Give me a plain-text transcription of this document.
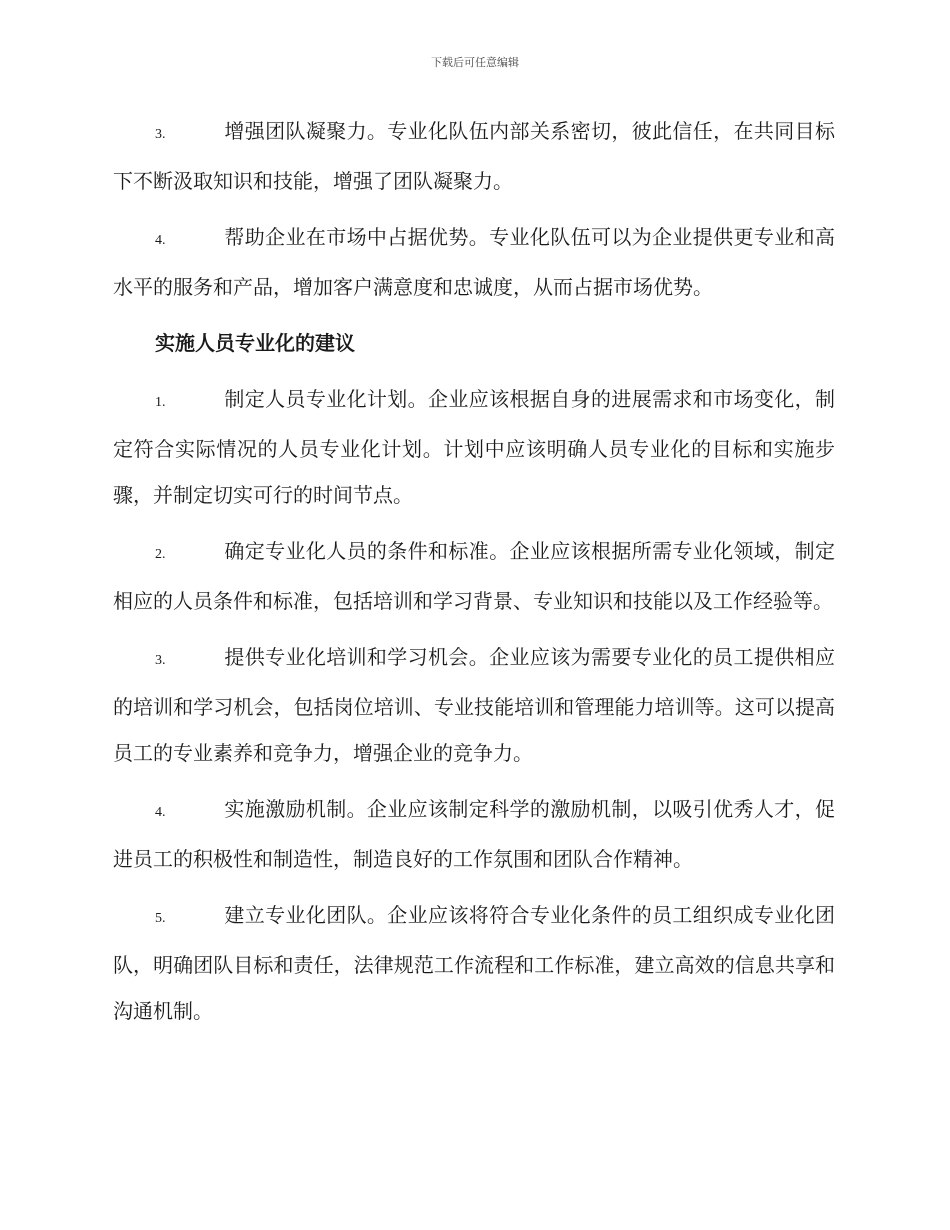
下载后可任意编辑

3.	增强团队凝聚力。专业化队伍内部关系密切，彼此信任，在共同目标下不断汲取知识和技能，增强了团队凝聚力。

4.	帮助企业在市场中占据优势。专业化队伍可以为企业提供更专业和高水平的服务和产品，增加客户满意度和忠诚度，从而占据市场优势。

实施人员专业化的建议

1.	制定人员专业化计划。企业应该根据自身的进展需求和市场变化，制定符合实际情况的人员专业化计划。计划中应该明确人员专业化的目标和实施步骤，并制定切实可行的时间节点。

2.	确定专业化人员的条件和标准。企业应该根据所需专业化领域，制定相应的人员条件和标准，包括培训和学习背景、专业知识和技能以及工作经验等。

3.	提供专业化培训和学习机会。企业应该为需要专业化的员工提供相应的培训和学习机会，包括岗位培训、专业技能培训和管理能力培训等。这可以提高员工的专业素养和竞争力，增强企业的竞争力。

4.	实施激励机制。企业应该制定科学的激励机制，以吸引优秀人才，促进员工的积极性和制造性，制造良好的工作氛围和团队合作精神。

5.	建立专业化团队。企业应该将符合专业化条件的员工组织成专业化团队，明确团队目标和责任，法律规范工作流程和工作标准，建立高效的信息共享和沟通机制。
